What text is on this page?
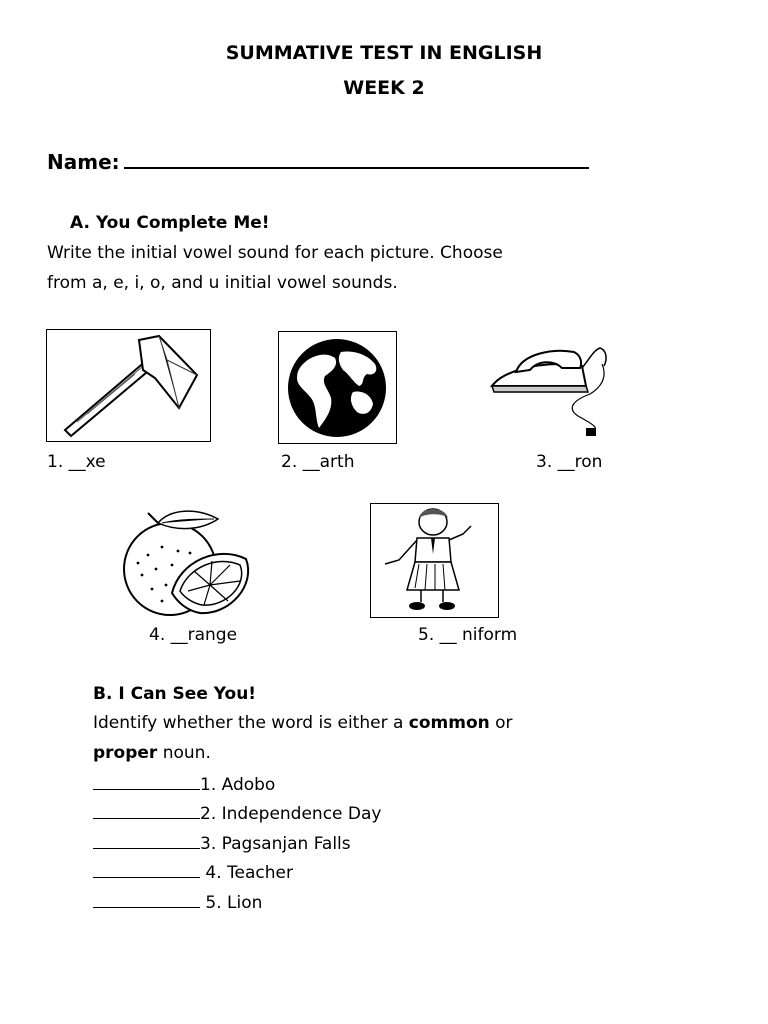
SUMMATIVE TEST IN ENGLISH
WEEK 2
Name:
A. You Complete Me!
Write the initial vowel sound for each picture. Choose
from a, e, i, o, and u initial vowel sounds.
1. __xe	2. __arth	3. __ron
4. __range	5. __ niform
B. I Can See You!
Identify whether the word is either a common or
proper noun.
1. Adobo
2. Independence Day
3. Pagsanjan Falls
4. Teacher
5. Lion
